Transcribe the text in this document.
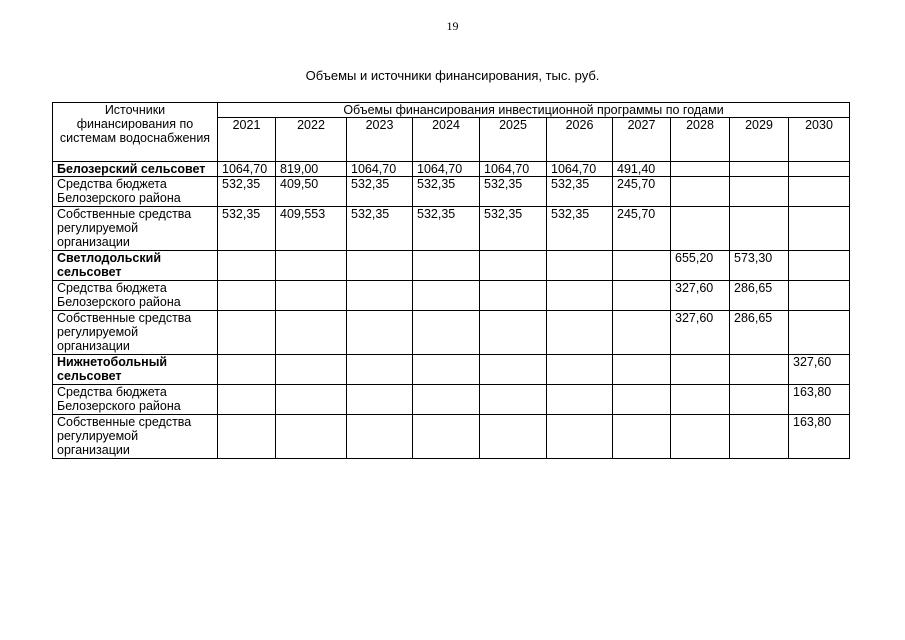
19
Объемы и источники финансирования, тыс. руб.
Источники финансирования по системам водоснабжения	Объемы финансирования инвестиционной программы по годами									
	2021	2022	2023	2024	2025	2026	2027	2028	2029	2030
Белозерский сельсовет	1064,70	819,00	1064,70	1064,70	1064,70	1064,70	491,40			
Средства бюджета Белозерского района	532,35	409,50	532,35	532,35	532,35	532,35	245,70			
Собственные средства регулируемой организации	532,35	409,553	532,35	532,35	532,35	532,35	245,70			
Светлодольский сельсовет								655,20	573,30	
Средства бюджета Белозерского района								327,60	286,65	
Собственные средства регулируемой организации								327,60	286,65	
Нижнетобольный сельсовет										327,60
Средства бюджета Белозерского района										163,80
Собственные средства регулируемой организации										163,80
